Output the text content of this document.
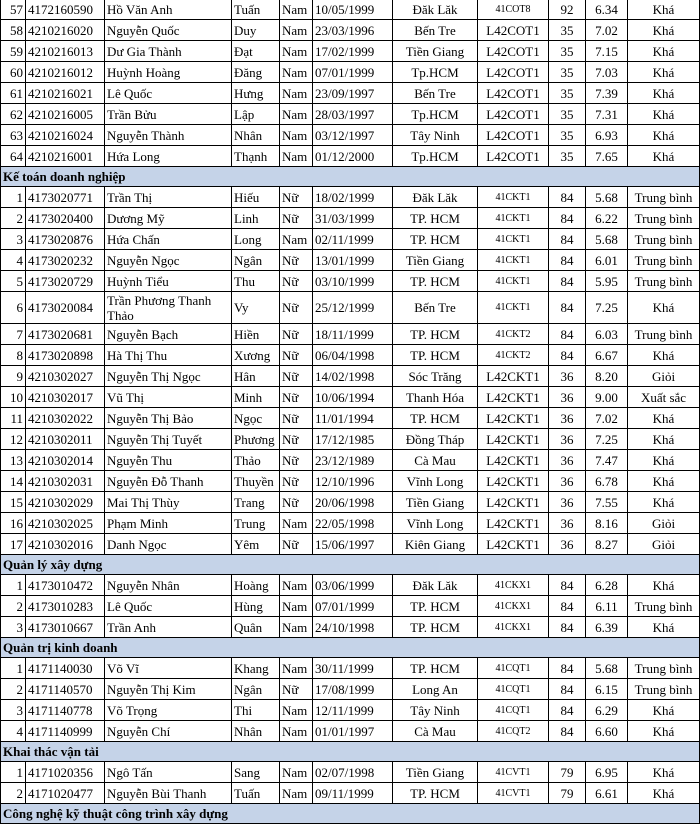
57	4172160590	Hồ Văn Anh	Tuấn	Nam	10/05/1999	Đăk Lăk	41COT8	92	6.34	Khá
58	4210216020	Nguyễn Quốc	Duy	Nam	23/03/1996	Bến Tre	L42COT1	35	7.02	Khá
59	4210216013	Dư Gia Thành	Đạt	Nam	17/02/1999	Tiền Giang	L42COT1	35	7.15	Khá
60	4210216012	Huỳnh Hoàng	Đăng	Nam	07/01/1999	Tp.HCM	L42COT1	35	7.03	Khá
61	4210216021	Lê Quốc	Hưng	Nam	23/09/1997	Bến Tre	L42COT1	35	7.39	Khá
62	4210216005	Trần Bửu	Lập	Nam	28/03/1997	Tp.HCM	L42COT1	35	7.31	Khá
63	4210216024	Nguyễn Thành	Nhân	Nam	03/12/1997	Tây Ninh	L42COT1	35	6.93	Khá
64	4210216001	Hứa Long	Thạnh	Nam	01/12/2000	Tp.HCM	L42COT1	35	7.65	Khá
Kế toán doanh nghiệp										
1	4173020771	Trần Thị	Hiếu	Nữ	18/02/1999	Đăk Lăk	41CKT1	84	5.68	Trung bình
2	4173020400	Dương Mỹ	Linh	Nữ	31/03/1999	TP. HCM	41CKT1	84	6.22	Trung bình
3	4173020876	Hứa Chấn	Long	Nam	02/11/1999	TP. HCM	41CKT1	84	5.68	Trung bình
4	4173020232	Nguyễn Ngọc	Ngân	Nữ	13/01/1999	Tiền Giang	41CKT1	84	6.01	Trung bình
5	4173020729	Huỳnh Tiểu	Thu	Nữ	03/10/1999	TP. HCM	41CKT1	84	5.95	Trung bình
6	4173020084	Trần Phương Thanh Thảo	Vy	Nữ	25/12/1999	Bến Tre	41CKT1	84	7.25	Khá
7	4173020681	Nguyễn Bạch	Hiền	Nữ	18/11/1999	TP. HCM	41CKT2	84	6.03	Trung bình
8	4173020898	Hà Thị Thu	Xương	Nữ	06/04/1998	TP. HCM	41CKT2	84	6.67	Khá
9	4210302027	Nguyễn Thị Ngọc	Hân	Nữ	14/02/1998	Sóc Trăng	L42CKT1	36	8.20	Giỏi
10	4210302017	Vũ Thị	Minh	Nữ	10/06/1994	Thanh Hóa	L42CKT1	36	9.00	Xuất sắc
11	4210302022	Nguyễn Thị Bảo	Ngọc	Nữ	11/01/1994	TP. HCM	L42CKT1	36	7.02	Khá
12	4210302011	Nguyễn Thị Tuyết	Phương	Nữ	17/12/1985	Đồng Tháp	L42CKT1	36	7.25	Khá
13	4210302014	Nguyễn Thu	Thảo	Nữ	23/12/1989	Cà Mau	L42CKT1	36	7.47	Khá
14	4210302031	Nguyễn Đỗ Thanh	Thuyền	Nữ	12/10/1996	Vĩnh Long	L42CKT1	36	6.78	Khá
15	4210302029	Mai Thị Thùy	Trang	Nữ	20/06/1998	Tiền Giang	L42CKT1	36	7.55	Khá
16	4210302025	Phạm Minh	Trung	Nam	22/05/1998	Vĩnh Long	L42CKT1	36	8.16	Giỏi
17	4210302016	Danh Ngọc	Yêm	Nữ	15/06/1997	Kiên Giang	L42CKT1	36	8.27	Giỏi
Quản lý xây dựng										
1	4173010472	Nguyễn Nhân	Hoàng	Nam	03/06/1999	Đăk Lăk	41CKX1	84	6.28	Khá
2	4173010283	Lê Quốc	Hùng	Nam	07/01/1999	TP. HCM	41CKX1	84	6.11	Trung bình
3	4173010667	Trần Anh	Quân	Nam	24/10/1998	TP. HCM	41CKX1	84	6.39	Khá
Quản trị kinh doanh										
1	4171140030	Võ Vĩ	Khang	Nam	30/11/1999	TP. HCM	41CQT1	84	5.68	Trung bình
2	4171140570	Nguyễn Thị Kim	Ngân	Nữ	17/08/1999	Long An	41CQT1	84	6.15	Trung bình
3	4171140778	Võ Trọng	Thi	Nam	12/11/1999	Tây Ninh	41CQT1	84	6.29	Khá
4	4171140999	Nguyễn Chí	Nhân	Nam	01/01/1997	Cà Mau	41CQT2	84	6.60	Khá
Khai thác vận tải										
1	4171020356	Ngô Tấn	Sang	Nam	02/07/1998	Tiền Giang	41CVT1	79	6.95	Khá
2	4171020477	Nguyễn Bùi Thanh	Tuấn	Nam	09/11/1999	TP. HCM	41CVT1	79	6.61	Khá
Công nghệ kỹ thuật công trình xây dựng										
